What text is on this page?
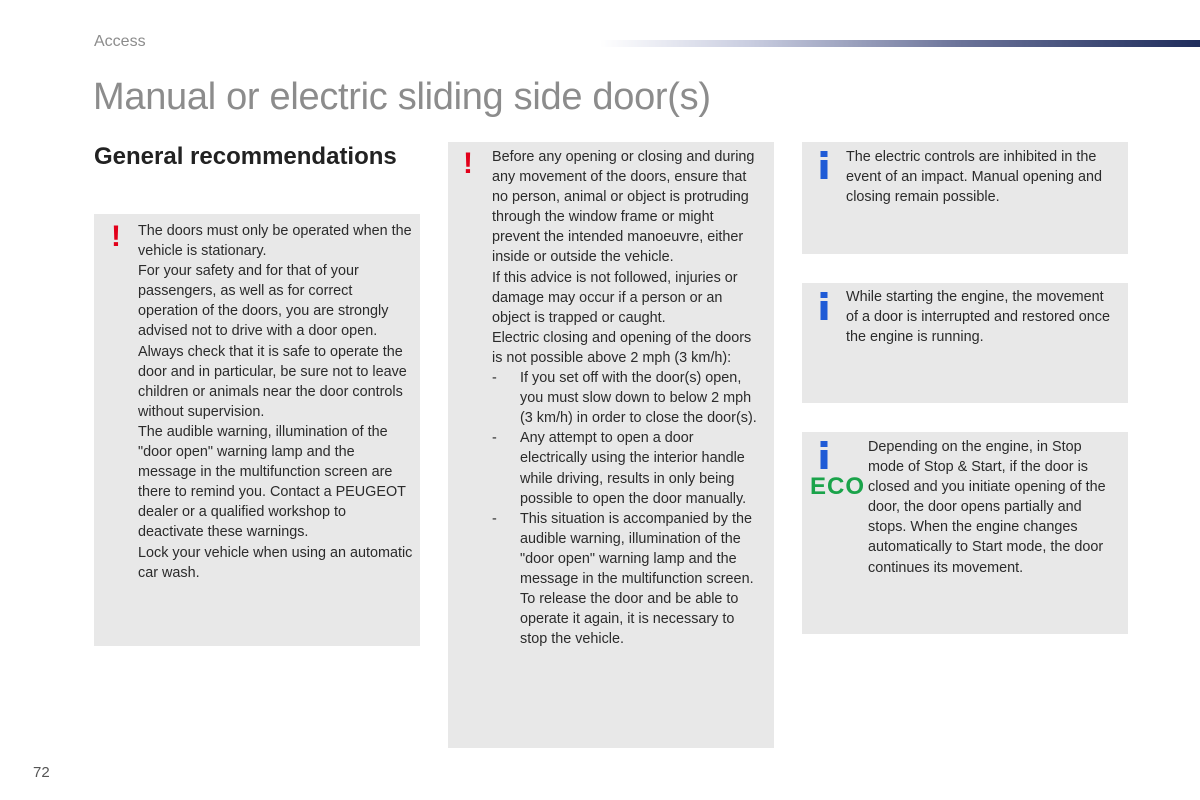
Access
Manual or electric sliding side door(s)
General recommendations
! The doors must only be operated when the vehicle is stationary.
For your safety and for that of your passengers, as well as for correct operation of the doors, you are strongly advised not to drive with a door open.
Always check that it is safe to operate the door and in particular, be sure not to leave children or animals near the door controls without supervision.
The audible warning, illumination of the "door open" warning lamp and the message in the multifunction screen are there to remind you. Contact a PEUGEOT dealer or a qualified workshop to deactivate these warnings.
Lock your vehicle when using an automatic car wash.
! Before any opening or closing and during any movement of the doors, ensure that no person, animal or object is protruding through the window frame or might prevent the intended manoeuvre, either inside or outside the vehicle.

If this advice is not followed, injuries or damage may occur if a person or an object is trapped or caught.

Electric closing and opening of the doors is not possible above 2 mph (3 km/h):

- If you set off with the door(s) open, you must slow down to below 2 mph (3 km/h) in order to close the door(s).
- Any attempt to open a door electrically using the interior handle while driving, results in only being possible to open the door manually.
- This situation is accompanied by the audible warning, illumination of the "door open" warning lamp and the message in the multifunction screen. To release the door and be able to operate it again, it is necessary to stop the vehicle.
The electric controls are inhibited in the event of an impact. Manual opening and closing remain possible.
While starting the engine, the movement of a door is interrupted and restored once the engine is running.
ECO
Depending on the engine, in Stop mode of Stop & Start, if the door is closed and you initiate opening of the door, the door opens partially and stops. When the engine changes automatically to Start mode, the door continues its movement.
72
